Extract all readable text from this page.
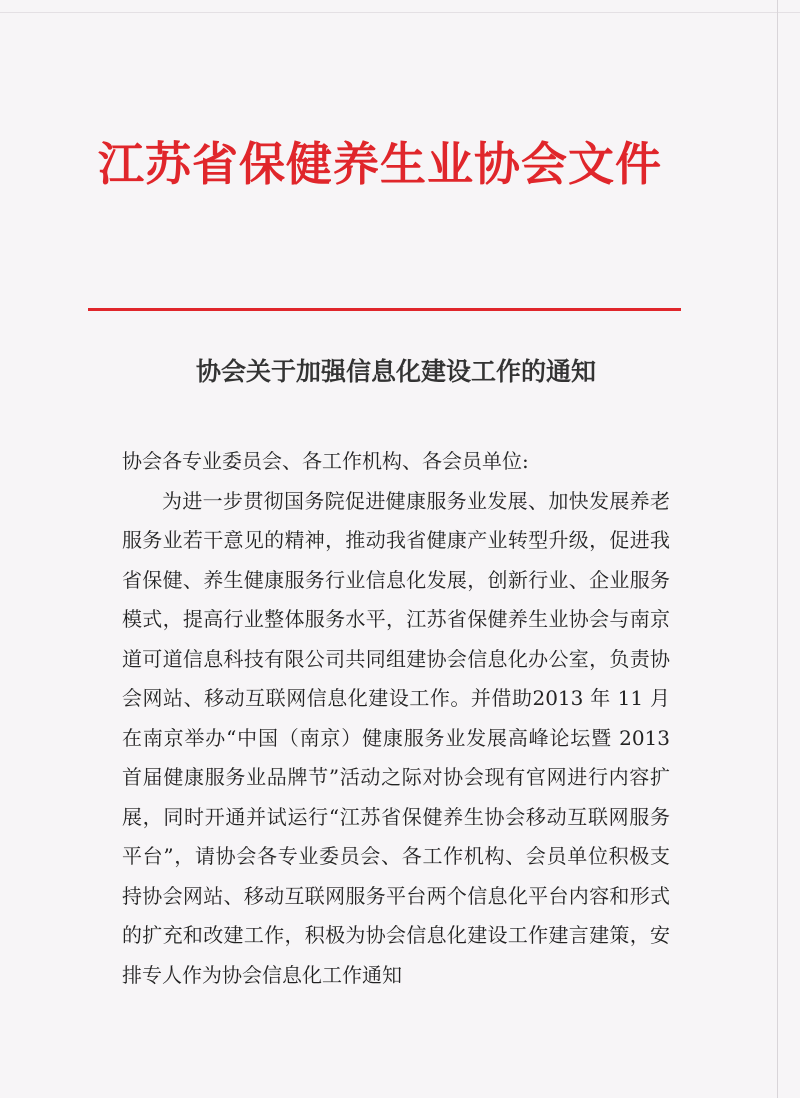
江苏省保健养生业协会文件
协会关于加强信息化建设工作的通知

协会各专业委员会、各工作机构、各会员单位:

为进一步贯彻国务院促进健康服务业发展、加快发展养老服务业若干意见的精神，推动我省健康产业转型升级，促进我省保健、养生健康服务行业信息化发展，创新行业、企业服务模式，提高行业整体服务水平，江苏省保健养生业协会与南京道可道信息科技有限公司共同组建协会信息化办公室，负责协会网站、移动互联网信息化建设工作。并借助2013 年 11 月在南京举办“中国（南京）健康服务业发展高峰论坛暨 2013 首届健康服务业品牌节”活动之际对协会现有官网进行内容扩展，同时开通并试运行“江苏省保健养生协会移动互联网服务平台”，请协会各专业委员会、各工作机构、会员单位积极支持协会网站、移动互联网服务平台两个信息化平台内容和形式的扩充和改建工作，积极为协会信息化建设工作建言建策，安排专人作为协会信息化工作通知
